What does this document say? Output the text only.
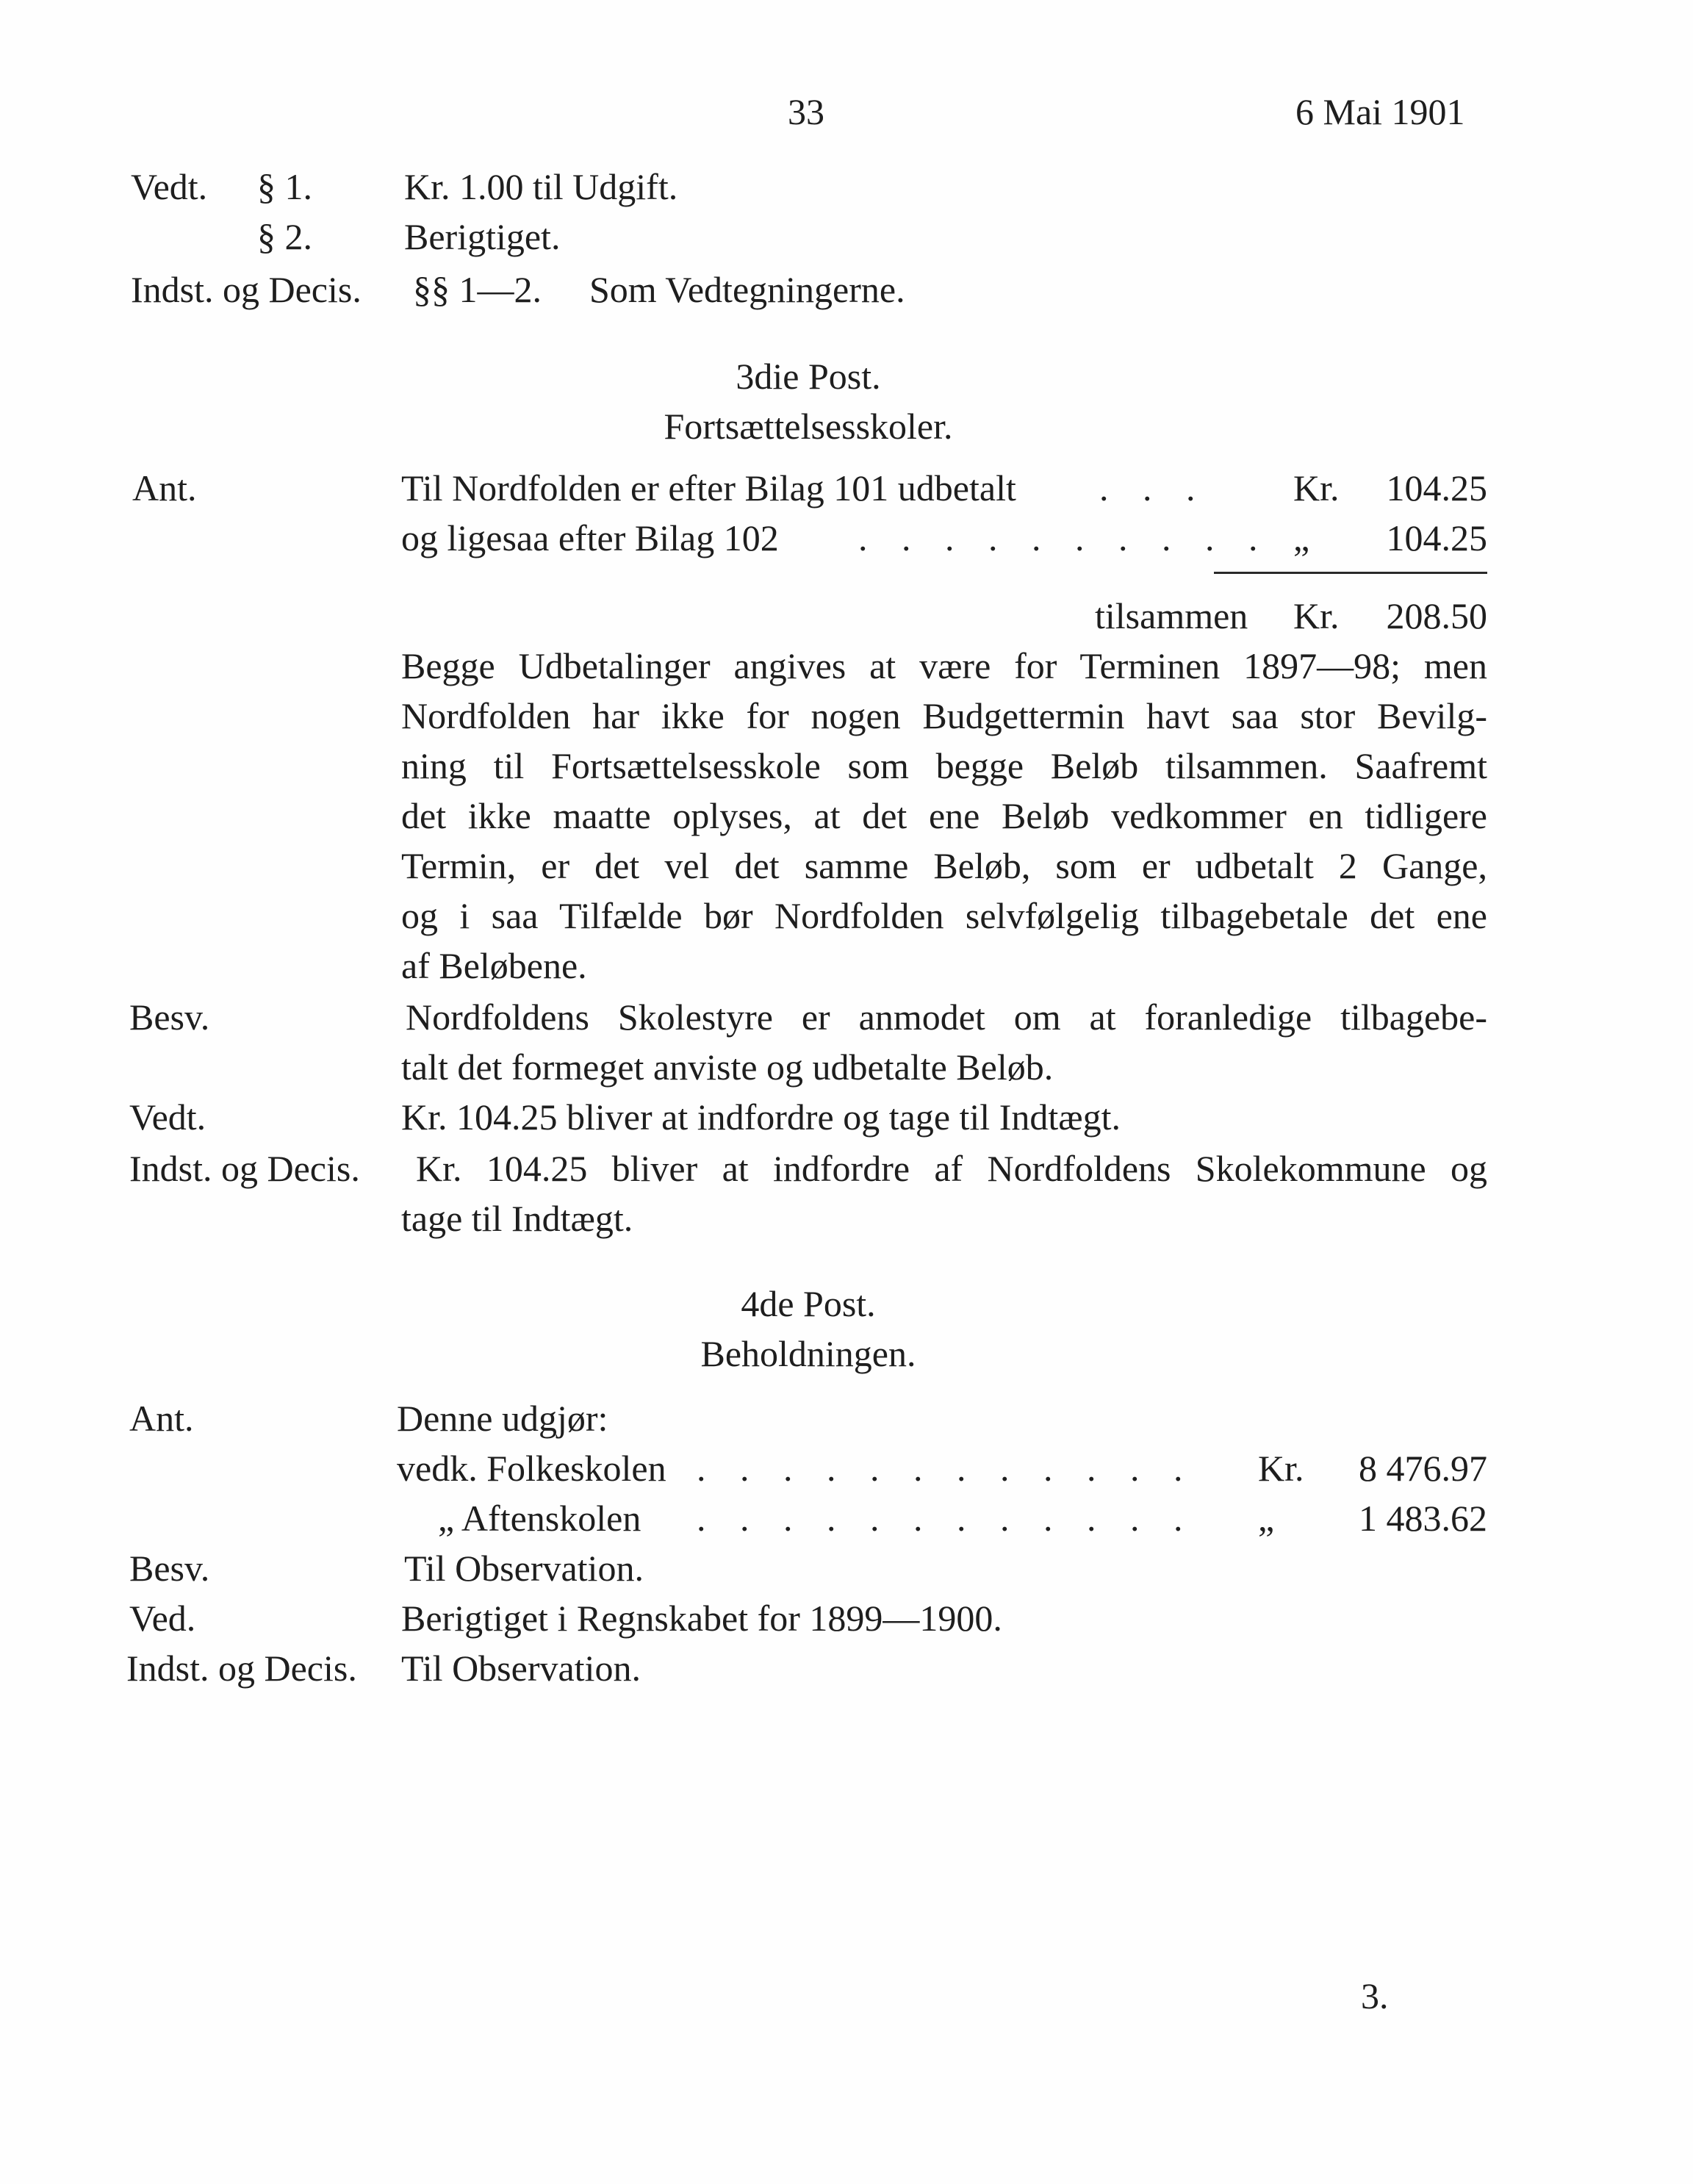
33	6 Mai 1901
Vedt. § 1.	Kr. 1.00 til Udgift.
§ 2.	Berigtiget.
Indst. og Decis. §§ 1—2. Som Vedtegningerne.
3die Post.
Fortsættelsesskoler.
Ant.	Til Nordfolden er efter Bilag 101 udbetalt . . . Kr.	104.25
og ligesaa efter Bilag 102 . . . . . . . . . . „	104.25
tilsammen Kr.	208.50
Begge Udbetalinger angives at være for Terminen 1897—98; men
Nordfolden har ikke for nogen Budgettermin havt saa stor Bevilg-
ning til Fortsættelsesskole som begge Beløb tilsammen. Saafremt
det ikke maatte oplyses, at det ene Beløb vedkommer en tidligere
Termin, er det vel det samme Beløb, som er udbetalt 2 Gange,
og i saa Tilfælde bør Nordfolden selvfølgelig tilbagebetale det ene
af Beløbene.
Besv.	Nordfoldens Skolestyre er anmodet om at foranledige tilbagebe-
talt det formeget anviste og udbetalte Beløb.
Vedt.	Kr. 104.25 bliver at indfordre og tage til Indtægt.
Indst. og Decis. Kr. 104.25 bliver at indfordre af Nordfoldens Skolekommune og
tage til Indtægt.
4de Post.
Beholdningen.
Ant.	Denne udgjør:
vedk. Folkeskolen . . . . . . . . . . . . Kr.	8 476.97
„ Aftenskolen . . . . . . . . . . . . „	1 483.62
Besv.	Til Observation.
Ved.	Berigtiget i Regnskabet for 1899—1900.
Indst. og Decis. Til Observation.
3.
